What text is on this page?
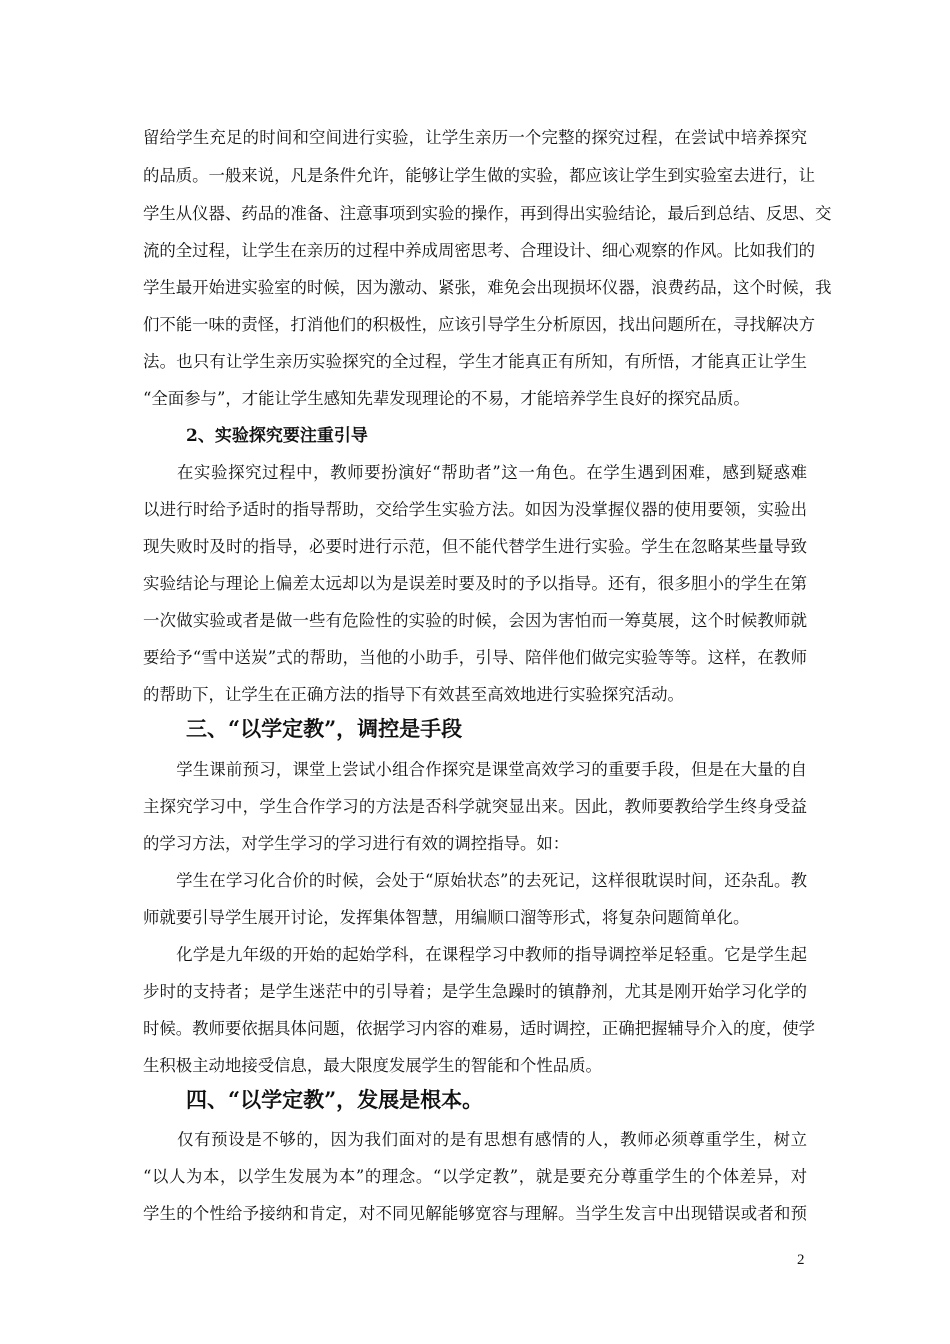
留给学生充足的时间和空间进行实验，让学生亲历一个完整的探究过程，在尝试中培养探究
的品质。一般来说，凡是条件允许，能够让学生做的实验，都应该让学生到实验室去进行，让
学生从仪器、药品的准备、注意事项到实验的操作，再到得出实验结论，最后到总结、反思、交
流的全过程，让学生在亲历的过程中养成周密思考、合理设计、细心观察的作风。比如我们的
学生最开始进实验室的时候，因为激动、紧张，难免会出现损坏仪器，浪费药品，这个时候，我
们不能一味的责怪，打消他们的积极性，应该引导学生分析原因，找出问题所在，寻找解决方
法。也只有让学生亲历实验探究的全过程，学生才能真正有所知，有所悟，才能真正让学生
“全面参与”，才能让学生感知先辈发现理论的不易，才能培养学生良好的探究品质。
2、实验探究要注重引导
　　在实验探究过程中，教师要扮演好“帮助者”这一角色。在学生遇到困难，感到疑惑难
以进行时给予适时的指导帮助，交给学生实验方法。如因为没掌握仪器的使用要领，实验出
现失败时及时的指导，必要时进行示范，但不能代替学生进行实验。学生在忽略某些量导致
实验结论与理论上偏差太远却以为是误差时要及时的予以指导。还有，很多胆小的学生在第
一次做实验或者是做一些有危险性的实验的时候，会因为害怕而一筹莫展，这个时候教师就
要给予“雪中送炭”式的帮助，当他的小助手，引导、陪伴他们做完实验等等。这样，在教师
的帮助下，让学生在正确方法的指导下有效甚至高效地进行实验探究活动。
三、“以学定教”，调控是手段
　　学生课前预习，课堂上尝试小组合作探究是课堂高效学习的重要手段，但是在大量的自
主探究学习中，学生合作学习的方法是否科学就突显出来。因此，教师要教给学生终身受益
的学习方法，对学生学习的学习进行有效的调控指导。如：
　　学生在学习化合价的时候，会处于“原始状态”的去死记，这样很耽误时间，还杂乱。教
师就要引导学生展开讨论，发挥集体智慧，用编顺口溜等形式，将复杂问题简单化。
　　化学是九年级的开始的起始学科，在课程学习中教师的指导调控举足轻重。它是学生起
步时的支持者；是学生迷茫中的引导着；是学生急躁时的镇静剂，尤其是刚开始学习化学的
时候。教师要依据具体问题，依据学习内容的难易，适时调控，正确把握辅导介入的度，使学
生积极主动地接受信息，最大限度发展学生的智能和个性品质。
四、“以学定教”，发展是根本。
　　仅有预设是不够的，因为我们面对的是有思想有感情的人，教师必须尊重学生，树立
“以人为本，以学生发展为本”的理念。“以学定教”，就是要充分尊重学生的个体差异，对
学生的个性给予接纳和肯定，对不同见解能够宽容与理解。当学生发言中出现错误或者和预
2
